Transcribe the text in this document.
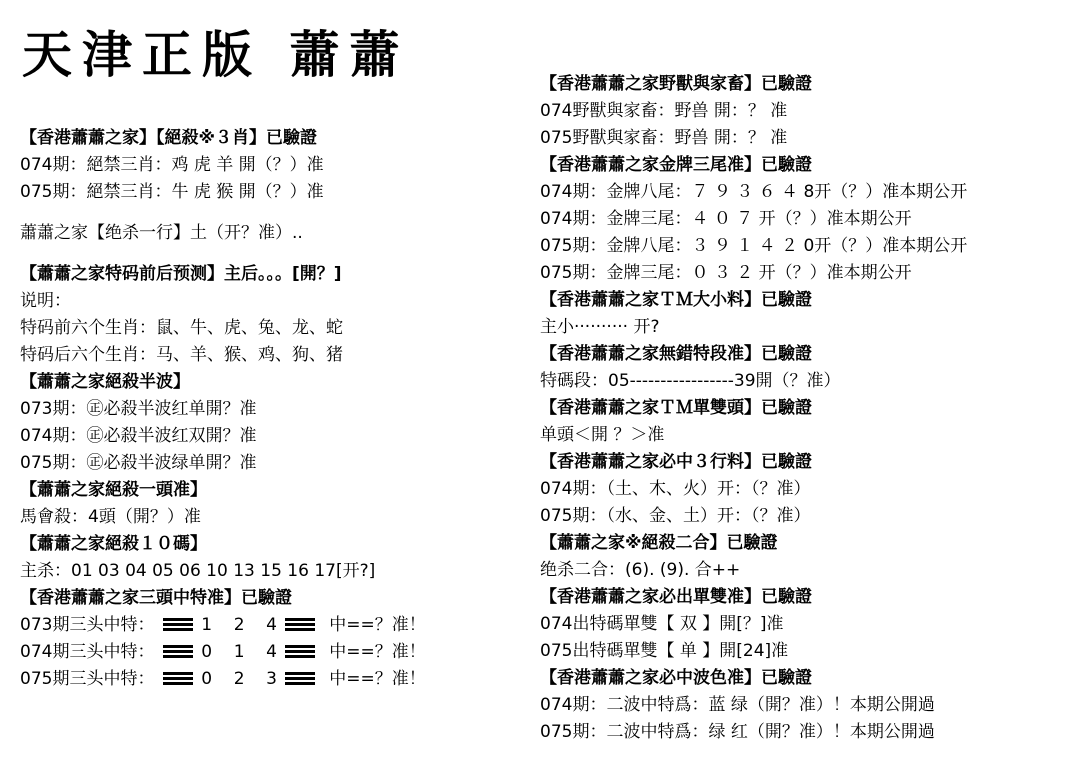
天津正版 蕭蕭
【香港蕭蕭之家】【絕殺※３肖】已驗證
074期：絕禁三肖：鸡 虎 羊 開（？）准
075期：絕禁三肖：牛 虎 猴 開（？）准
蕭蕭之家【绝杀一行】土（开？准）..
【蕭蕭之家特码前后预测】主后。。。[開？]
说明：
特码前六个生肖：鼠、牛、虎、兔、龙、蛇
特码后六个生肖：马、羊、猴、鸡、狗、猪
【蕭蕭之家絕殺半波】
073期：㊣必殺半波红单開？准
074期：㊣必殺半波红双開？准
075期：㊣必殺半波绿单開？准
【蕭蕭之家絕殺一頭准】
馬會殺：4頭（開？）准
【蕭蕭之家絕殺１０碼】
主杀：01 03 04 05 06 10 13 15 16 17[开?]
【香港蕭蕭之家三頭中特准】已驗證
073期三头中特：	1 2 4	中==？准！
074期三头中特：	0 1 4	中==？准！
075期三头中特：	0 2 3	中==？准！
【香港蕭蕭之家野獸與家畜】已驗證
074野獸與家畜：野兽 開：？ 准
075野獸與家畜：野兽 開：？ 准
【香港蕭蕭之家金牌三尾准】已驗證
074期：金牌八尾：７ ９ ３ ６ ４ 8开（？）准本期公开
074期：金牌三尾：４ ０ ７ 开（？）准本期公开
075期：金牌八尾：３ ９ １ ４ ２ 0开（？）准本期公开
075期：金牌三尾：０ ３ ２ 开（？）准本期公开
【香港蕭蕭之家ＴＭ大小料】已驗證
主小·········· 开?
【香港蕭蕭之家無錯特段准】已驗證
特碼段：05-----------------39開（？准）
【香港蕭蕭之家ＴＭ單雙頭】已驗證
单頭＜開 ？＞准
【香港蕭蕭之家必中３行料】已驗證
074期：（土、木、火）开：（？准）
075期：（水、金、土）开：（？准）
【蕭蕭之家※絕殺二合】已驗證
绝杀二合：(6). (9). 合++
【香港蕭蕭之家必出單雙准】已驗證
074出特碼單雙【 双 】開[？]准
075出特碼單雙【 单 】開[24]准
【香港蕭蕭之家必中波色准】已驗證
074期：二波中特爲：蓝 绿（開？准）！本期公開過
075期：二波中特爲：绿 红（開？准）！本期公開過
